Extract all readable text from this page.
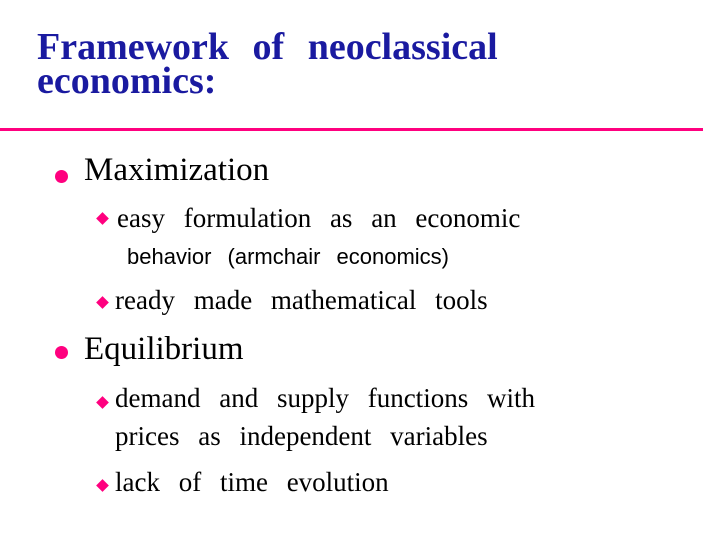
Framework of neoclassical economics:
Maximization
easy formulation as an economic
behavior (armchair economics)
ready made mathematical tools
Equilibrium
demand and supply functions with
prices as independent variables
lack of time evolution
